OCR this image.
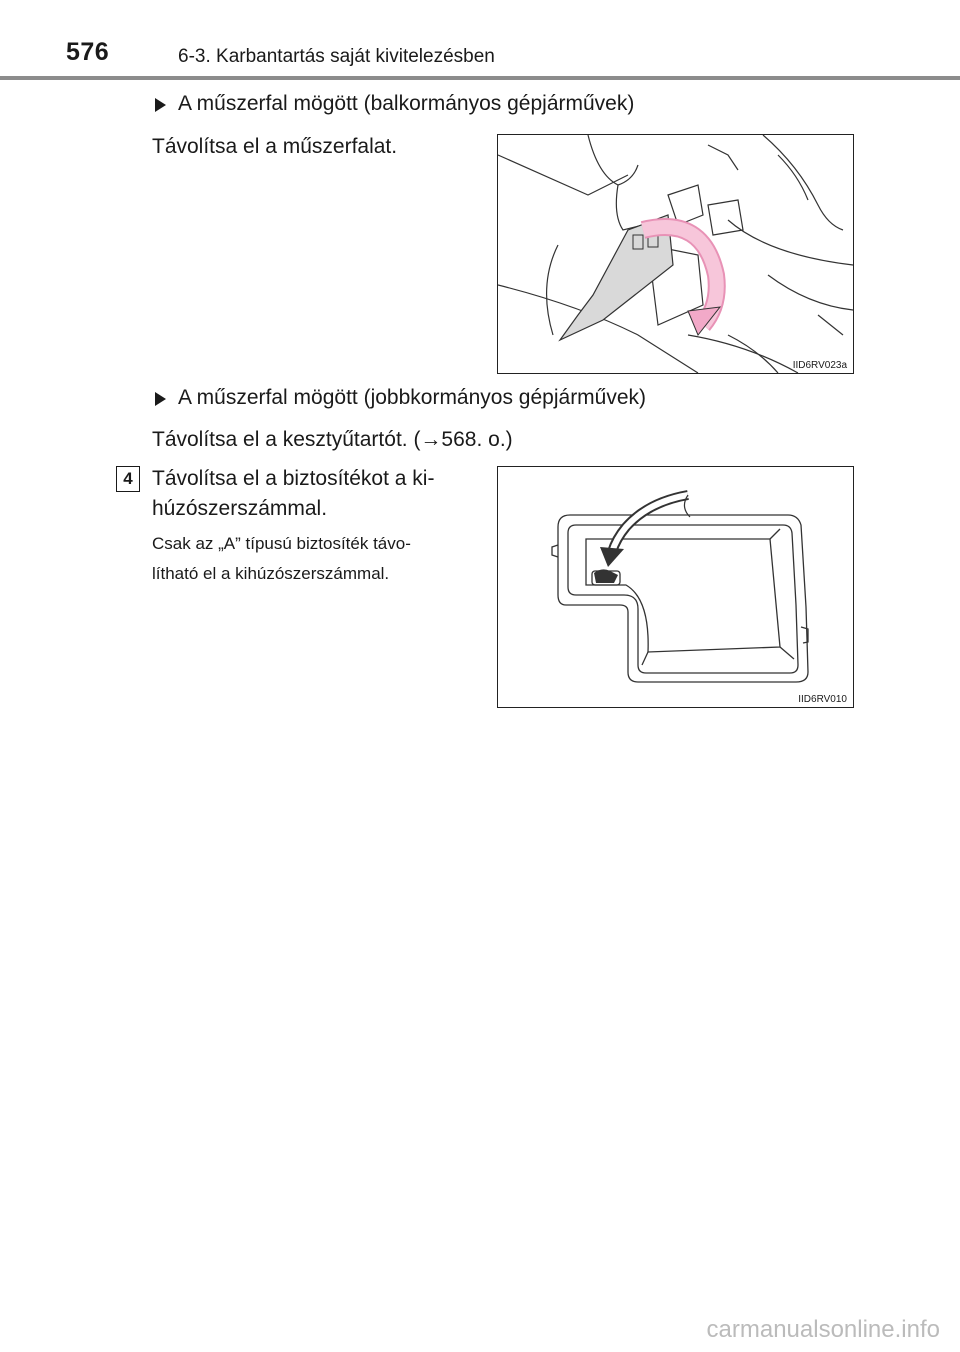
576	6-3. Karbantartás saját kivitelezésben
A műszerfal mögött (balkormányos gépjárművek)
Távolítsa el a műszerfalat.
IID6RV023a
A műszerfal mögött (jobbkormányos gépjárművek)
Távolítsa el a kesztyűtartót. (→568. o.)
4 Távolítsa el a biztosítékot a ki-
húzószerszámmal.
Csak az „A” típusú biztosíték távo-
lítható el a kihúzószerszámmal.
IID6RV010
carmanualsonline.info
